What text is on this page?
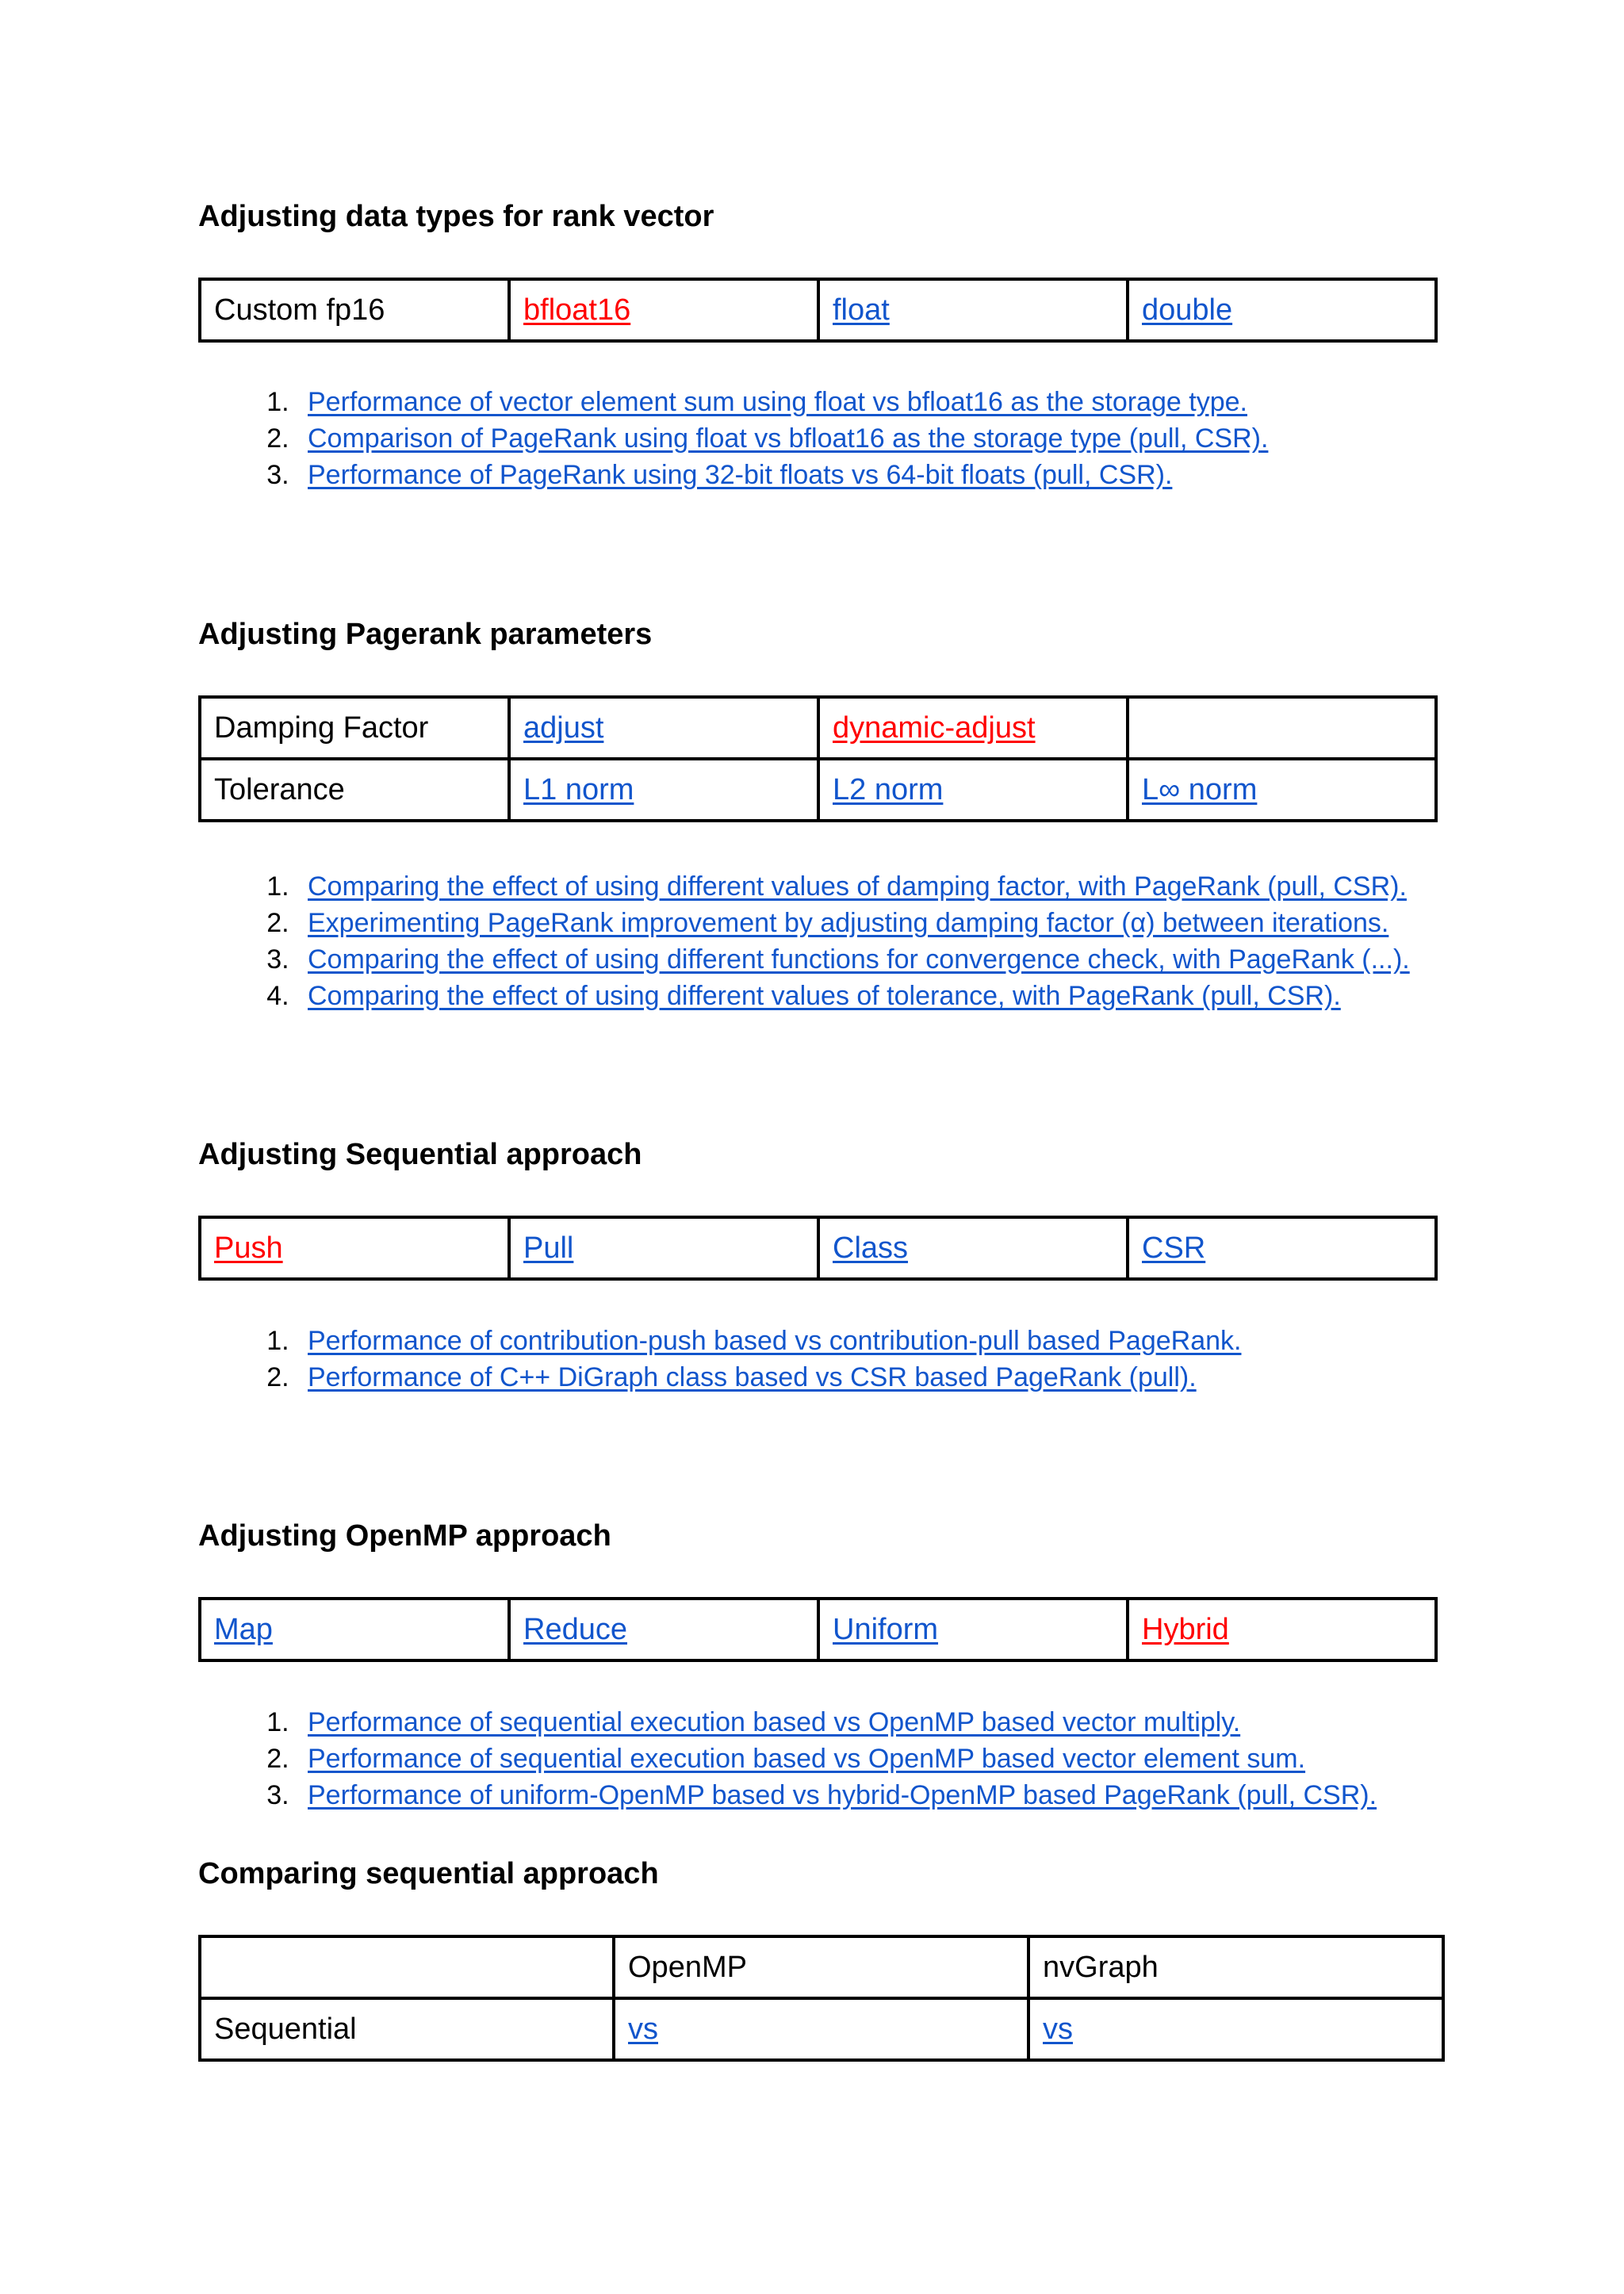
Adjusting data types for rank vector
Custom fp16	bfloat16	float	double
1. Performance of vector element sum using float vs bfloat16 as the storage type.
2. Comparison of PageRank using float vs bfloat16 as the storage type (pull, CSR).
3. Performance of PageRank using 32-bit floats vs 64-bit floats (pull, CSR).
Adjusting Pagerank parameters
Damping Factor	adjust	dynamic-adjust	
Tolerance	L1 norm	L2 norm	L∞ norm
1. Comparing the effect of using different values of damping factor, with PageRank (pull, CSR).
2. Experimenting PageRank improvement by adjusting damping factor (α) between iterations.
3. Comparing the effect of using different functions for convergence check, with PageRank (...).
4. Comparing the effect of using different values of tolerance, with PageRank (pull, CSR).
Adjusting Sequential approach
Push	Pull	Class	CSR
1. Performance of contribution-push based vs contribution-pull based PageRank.
2. Performance of C++ DiGraph class based vs CSR based PageRank (pull).
Adjusting OpenMP approach
Map	Reduce	Uniform	Hybrid
1. Performance of sequential execution based vs OpenMP based vector multiply.
2. Performance of sequential execution based vs OpenMP based vector element sum.
3. Performance of uniform-OpenMP based vs hybrid-OpenMP based PageRank (pull, CSR).
Comparing sequential approach
	OpenMP	nvGraph
Sequential	vs	vs
